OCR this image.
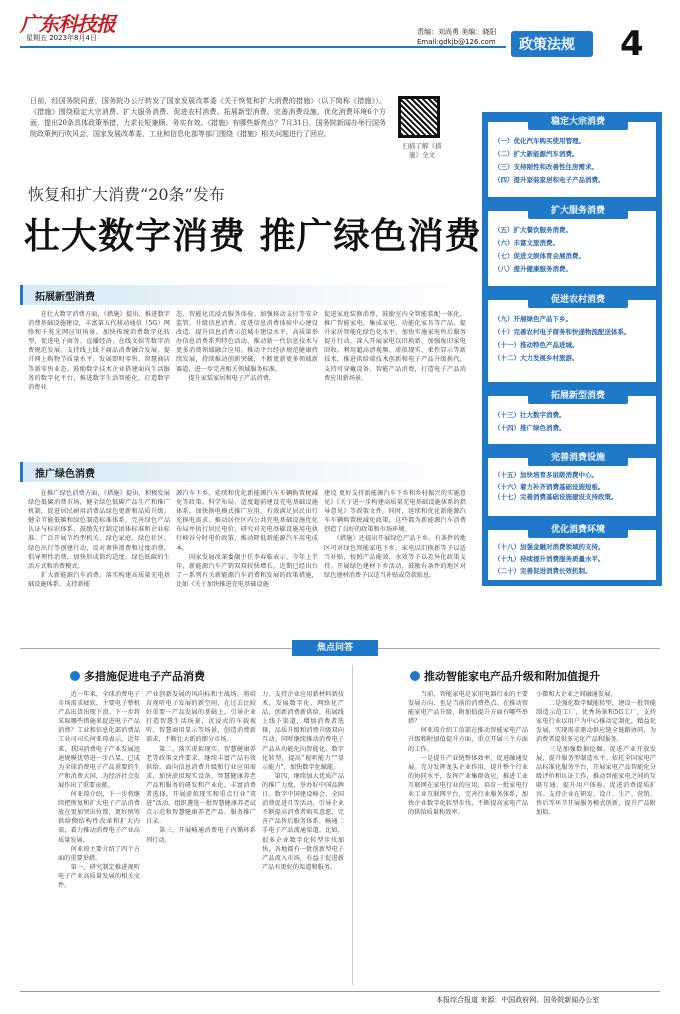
广东科技报
星期五 2023年8月4日
责编：刘尚勇 美编：晓阳
Email:gdkjb@126.com 政策法规 4
日前，经国务院同意，国务院办公厅转发了国家发展改革委《关于恢复和扩大消费的措施》（以下简称《措施》）。《措施》围绕稳定大宗消费、扩大服务消费、促进农村消费、拓展新型消费、完善消费设施、优化消费环境6个方面，提出20条具体政策举措，力求长短兼顾、务实有效。《措施》有哪些新亮点？7月31日，国务院新闻办举行国务院政策例行吹风会，国家发展改革委、工业和信息化部等部门围绕《措施》相关问题进行了回应。
扫描了解《措施》全文
恢复和扩大消费“20条”发布
壮大数字消费 推广绿色消费
拓展新型消费
　　在壮大数字消费方面，《措施》提出，推进数字消费基础设施建设，丰富第五代移动通信（5G）网络和千兆光网应用场景。加快传统消费数字化转型，促进电子商务、直播经济、在线文娱等数字消费规范发展。支持线上线下商品消费融合发展，提升网上购物节质量水平。发展即时零售、智慧商店等新零售业态。鼓励数字技术企业搭建面向生活服务的数字化平台，推进数字生活智能化，打造数字消费业
态、智能化沉浸式服务体验。加强移动支付等安全监管。升级信息消费，促进信息消费体验中心建设改造，提升信息消费示范城市建设水平，高质量举办信息消费系列特色活动，推动新一代信息技术与更多消费领域融合应用。推动平台经济规范健康持续发展，持续推动创新突破，不断更新更多领域新赛道，进一步完善相关领域服务标准。
　　提升家装家居和电子产品消费，
促进家庭装修消费，鼓励室内全智能装配一体化。推广智能家电、集成家电、功能化家具等产品，提升家居智能化绿色化水平。加快实施家电售后服务提升行动。深入开展家电以旧换新，加强废旧家电回收。利用超高清视频、虚拟现实、柔性显示等新技术，推进供给端技术创新和电子产品升级换代。支持可穿戴设备、智能产品消费，打造电子产品消费应用新场景。
推广绿色消费
　　在推广绿色消费方面，《措施》提出，积极发展绿色低碳消费市场，健全绿色低碳产品生产和推广机制，促进居民耐用消费品绿色更新和品质升级。健全节能低碳和绿色制造标准体系，完善绿色产品认证与标识体系，鼓励先行制定团体标准和企业标准。广泛开展节约型机关、绿色家庭、绿色社区、绿色出行等创建行动，反对奢侈浪费和过度消费，倡导理性消费，加快形成简约适度、绿色低碳的生活方式和消费模式。
　　扩大新能源汽车消费。落实构建高质量充电基础设施体系、支持新能
源汽车下乡、延续和优化新能源汽车车辆购置税减免等政策。科学布局、适度超前建设充电基础设施体系，加快换电模式推广应用，有效满足居民出行充换电需求。推动居住区内公共充电基础设施优化布局并执行居民电价，研究对充电基础设施用电执行峰谷分时电价政策，推动降低新能源汽车用电成本。
　　国家发展改革委副主任李春临表示，今年上半年，新能源汽车产销双双较快增长。近期已经出台了一系列有关新能源汽车消费和发展的政策措施，比如《关于加快推进充电基础设施
建设 更好支持新能源汽车下乡和乡村振兴的实施意见》《关于进一步构建高质量充电基础设施体系的指导意见》等政策文件。同时，延续和优化新能源汽车车辆购置税减免政策，这些都为新能源汽车消费创造了良好的政策和市场环境。
　　《措施》还提出开展绿色产品下乡。有条件的地区可对绿色智能家电下乡、家电以旧换新等予以适当补贴，按照产品能效、水效等予以差异化政策支持。开展绿色建材下乡活动，鼓励有条件的地区对绿色建材消费予以适当补贴或贷款贴息。
稳定大宗消费
（一）优化汽车购买使用管理。
（二）扩大新能源汽车消费。
（三）支持刚性和改善性住房需求。
（四）提升家装家居和电子产品消费。
扩大服务消费
（五）扩大餐饮服务消费。
（六）丰富文旅消费。
（七）促进文娱体育会展消费。
（八）提升健康服务消费。
促进农村消费
（九）开展绿色产品下乡。
（十）完善农村电子商务和快递物流配送体系。
（十一）推动特色产品进城。
（十二）大力发展乡村旅游。
拓展新型消费
（十三）壮大数字消费。
（十四）推广绿色消费。
完善消费设施
（十五）加快培育多层级消费中心。
（十六）着力补齐消费基础设施短板。
（十七）完善消费基础设施建设支持政策。
优化消费环境
（十八）加强金融对消费领域的支持。
（十九）持续提升消费服务质量水平。
（二十）完善促进消费长效机制。
焦点问答
多措施促进电子产品消费
　　近一年来，全球消费电子市场需求疲软，主要电子整机产品出货出现下滑。下一步将采取哪些措施来促进电子产品消费？工业和信息化部消费品工业司司长何亚琼表示，近年来，我国消费电子产业发展迅速规模优势进一步凸显，已成为全球消费电子产品重要的生产和消费大国，为经济社会发展作出了重要贡献。
　　何亚琼介绍，下一步将继续把恢复和扩大电子产品消费放在更加突出位置，更好统筹供给侧结构性改革和扩大内需，着力推动消费电子产业高质量发展。
　　何亚琼主要介绍了四个方面的重要举措。
　　第一，研究制定推进视听电子产业高质量发展的相关文件。
产业创新发展的风向标和主战场，将培育视听电子发展的新空间，在过去比较好重要一产品发展的基础上，引导企业打造智慧生活场景，沉浸式的车载视听、智慧商用显示等场景，创造消费新需求，不断壮大新的细分市场。
　　第二，落实虚拟现实、智慧健康养老等政策文件要求，继续丰富产品有效供给。面向信息消费升级和行业应用需求，加快虚拟现实设备、智慧健康养老产品和服务的研发和产业化，丰富消费者选择。开展虚拟现实和重点行业“双进”活动，组织遴选一批智慧健康养老试点示范和智慧健康养老产品、服务推广目录。
　　第三，开展畅通消费电子内循环系列行动。
力，支持企业应用新材料新技术，发展数字化、网络化产品，创新消费新供给，拓展线上线下渠道，增加消费者选择，品质升级和消费升级双向互动。同时继续推动消费电子产品从功能化向智能化、数字化转型，提高“视听能力”“显示能力”，加快数字化赋能。
　　第四，继续加大优质产品的推广力度，举办好中国品牌日、数字中国建设峰会、全国消费促进月等活动，引导企业不断提高消费者购买意愿，完善产品售后服务体系，畅通二手电子产品流通渠道。比如，很多企业数字化转型步伐加快，各地都有一批创新型电子产品流入市场，有益于促进新产品有更好的渠道和服务。
推动智能家电产品升级和附加值提升
　　当前，智能家电是家用电器行业的主要发展方向，也是当前的消费热点。在推动智能家电产品升级、附加值提升方面有哪些举措？
　　何亚琼介绍工信部在推动智能家电产品升级和附加值提升方面，重点开展三个方面的工作。
　　一是提升产业链整体效率，促进融通发展。充分发挥龙头企业作用，提升整个行业的协同水平，发挥产业集群效应，推进工业互联网在家电行业的应用，培育一批家电行业工业互联网平台，完善行业服务体系，加快企业数字化转型步伐，不断提高家电产品的供给质量和效率。
小微和大企业之间融通发展。
　　二是强化数字赋能转型，建设一批智能制造示范工厂，优秀场景和5G工厂，支持家电行业以用户为中心推动定制化，精益化发展，实现需求驱动供应链全链路协同，为消费者提供多元化产品和服务。
　　三是加强数据挖掘、促进产业开放发展，提升服务型制造水平。依托全国家电产品标准化服务平台，开展家电产品智能化分级评价和认证工作，推动智能家电之间的互联互通，提升用户体验，促进消费提质扩容。支持企业在研发、设计、生产、营销、售后等环节开展服务模式创新，提升产品附加值。
本报综合报道 来源：中国政府网、国务院新闻办公室
